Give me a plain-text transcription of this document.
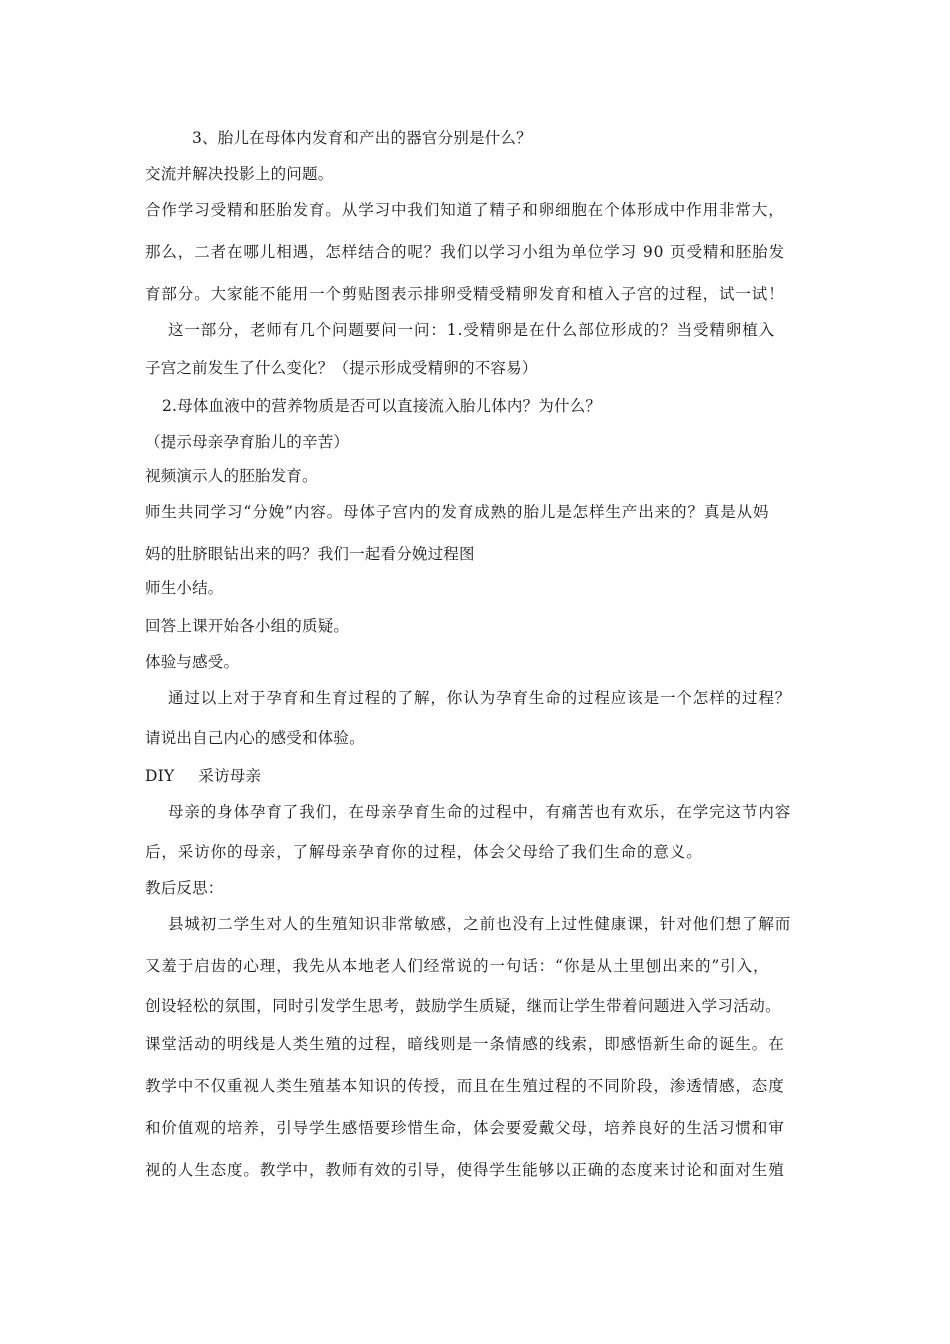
3、胎儿在母体内发育和产出的器官分别是什么？
交流并解决投影上的问题。
合作学习受精和胚胎发育。从学习中我们知道了精子和卵细胞在个体形成中作用非常大，
那么，二者在哪儿相遇，怎样结合的呢？我们以学习小组为单位学习 90 页受精和胚胎发
育部分。大家能不能用一个剪贴图表示排卵受精受精卵发育和植入子宫的过程，试一试！
这一部分，老师有几个问题要问一问：1.受精卵是在什么部位形成的？当受精卵植入
子宫之前发生了什么变化？（提示形成受精卵的不容易）
2.母体血液中的营养物质是否可以直接流入胎儿体内？为什么？
（提示母亲孕育胎儿的辛苦）
视频演示人的胚胎发育。
师生共同学习“分娩”内容。母体子宫内的发育成熟的胎儿是怎样生产出来的？真是从妈
妈的肚脐眼钻出来的吗？我们一起看分娩过程图
师生小结。
回答上课开始各小组的质疑。
体验与感受。
通过以上对于孕育和生育过程的了解，你认为孕育生命的过程应该是一个怎样的过程？
请说出自己内心的感受和体验。
DIY 采访母亲
母亲的身体孕育了我们，在母亲孕育生命的过程中，有痛苦也有欢乐，在学完这节内容
后，采访你的母亲，了解母亲孕育你的过程，体会父母给了我们生命的意义。
教后反思：
县城初二学生对人的生殖知识非常敏感，之前也没有上过性健康课，针对他们想了解而
又羞于启齿的心理，我先从本地老人们经常说的一句话：“你是从土里刨出来的”引入，
创设轻松的氛围，同时引发学生思考，鼓励学生质疑，继而让学生带着问题进入学习活动。
课堂活动的明线是人类生殖的过程，暗线则是一条情感的线索，即感悟新生命的诞生。在
教学中不仅重视人类生殖基本知识的传授，而且在生殖过程的不同阶段，渗透情感，态度
和价值观的培养，引导学生感悟要珍惜生命，体会要爱戴父母，培养良好的生活习惯和审
视的人生态度。教学中，教师有效的引导，使得学生能够以正确的态度来讨论和面对生殖
